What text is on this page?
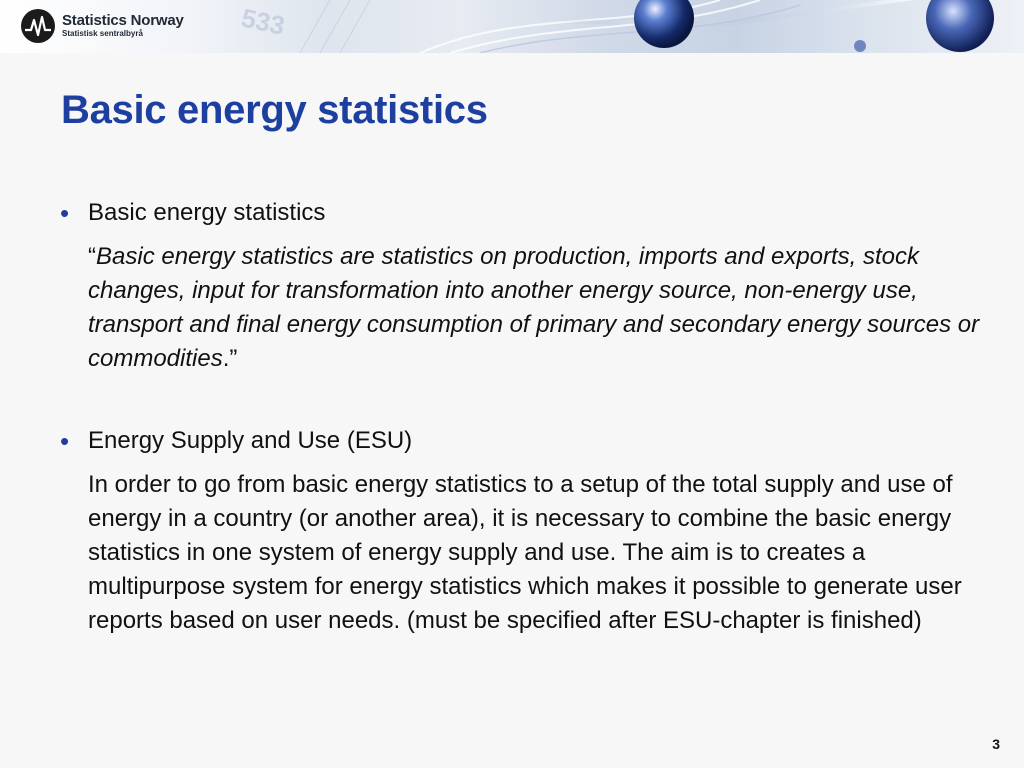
533
Statistics Norway
Statistisk sentralbyrå
Basic energy statistics
• Basic energy statistics

“Basic energy statistics are statistics on production, imports and exports, stock changes, input for transformation into another energy source, non-energy use, transport and final energy consumption of primary and secondary energy sources or commodities.”

• Energy Supply and Use (ESU)

In order to go from basic energy statistics to a setup of the total supply and use of energy in a country (or another area), it is necessary to combine the basic energy statistics in one system of energy supply and use. The aim is to creates a multipurpose system for energy statistics which makes it possible to generate user reports based on user needs. (must be specified after ESU-chapter is finished)

3
